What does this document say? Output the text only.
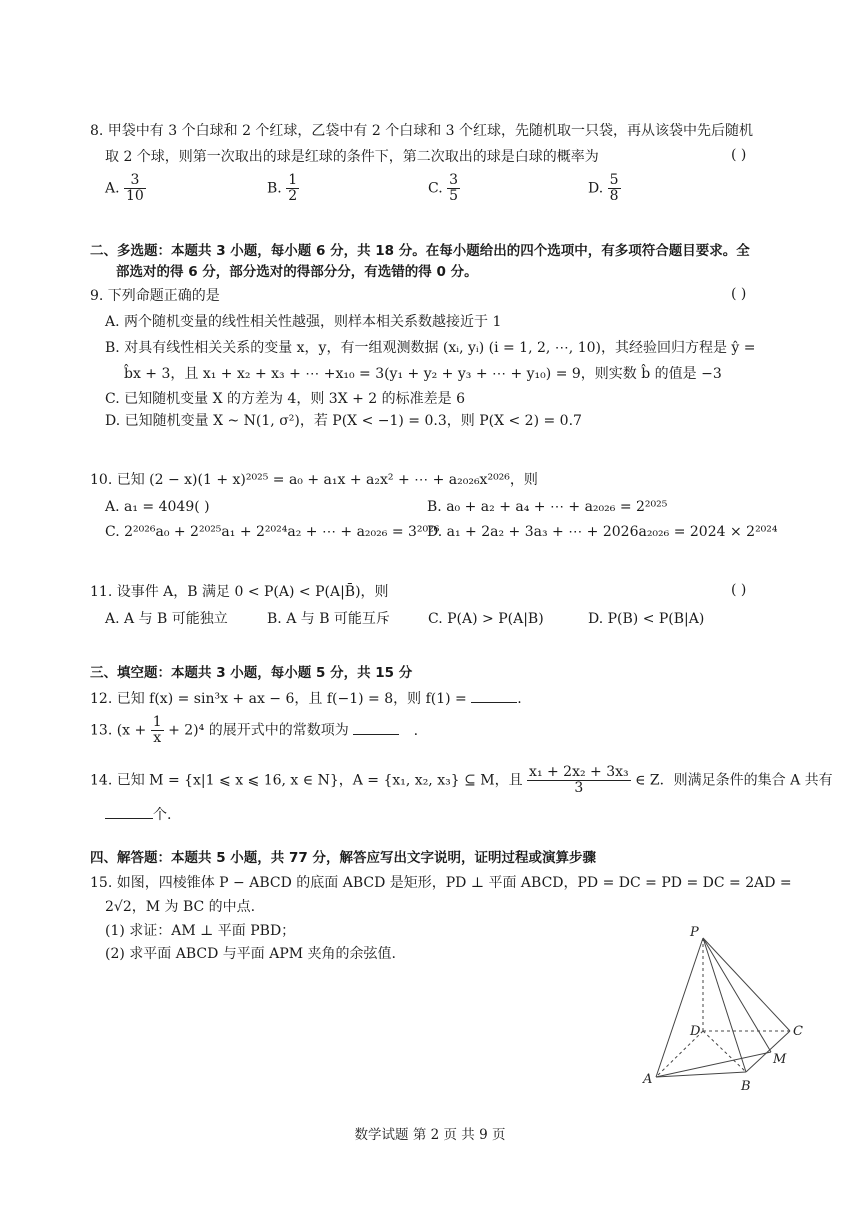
8. 甲袋中有 3 个白球和 2 个红球，乙袋中有 2 个白球和 3 个红球，先随机取一只袋，再从该袋中先后随机
取 2 个球，则第一次取出的球是红球的条件下，第二次取出的球是白球的概率为	( )
A. $\frac{3}{10}$	B. $\frac{1}{2}$	C. $\frac{3}{5}$	D. $\frac{5}{8}$
二、多选题：本题共 3 小题，每小题 6 分，共 18 分。在每小题给出的四个选项中，有多项符合题目要求。全
部选对的得 6 分，部分选对的得部分分，有选错的得 0 分。
9. 下列命题正确的是	( )
A. 两个随机变量的线性相关性越强，则样本相关系数越接近于 1
B. 对具有线性相关关系的变量 x，y，有一组观测数据 (xᵢ, yᵢ) (i = 1, 2, ⋯, 10)，其经验回归方程是 ŷ =
b̂x + 3，且 x₁ + x₂ + x₃ + ⋯ +x₁₀ = 3(y₁ + y₂ + y₃ + ⋯ + y₁₀) = 9，则实数 b̂ 的值是 −3
C. 已知随机变量 X 的方差为 4，则 3X + 2 的标准差是 6
D. 已知随机变量 X ~ N(1, σ²)，若 P(X < −1) = 0.3，则 P(X < 2) = 0.7
10. 已知 (2 − x)(1 + x)²⁰²⁵ = a₀ + a₁x + a₂x² + ⋯ + a₂₀₂₆x²⁰²⁶，则
A. a₁ = 4049( )	B. a₀ + a₂ + a₄ + ⋯ + a₂₀₂₆ = 2²⁰²⁵
C. 2²⁰²⁶a₀ + 2²⁰²⁵a₁ + 2²⁰²⁴a₂ + ⋯ + a₂₀₂₆ = 3²⁰²⁶
D. a₁ + 2a₂ + 3a₃ + ⋯ + 2026a₂₀₂₆ = 2024 × 2²⁰²⁴
11. 设事件 A，B 满足 0 < P(A) < P(A|B̄)，则	( )
A. A 与 B 可能独立	B. A 与 B 可能互斥	C. P(A) > P(A|B)	D. P(B) < P(B|A)
三、填空题：本题共 3 小题，每小题 5 分，共 15 分
12. 已知 f(x) = sin³x + ax − 6，且 f(−1) = 8，则 f(1) =	.
13. $(x + \frac{1}{x} + 2)^4$ 的展开式中的常数项为	.
14. 已知 M = {x|1 ⩽ x ⩽ 16, x ∈ N}，A = {x₁, x₂, x₃} ⊆ M，且 $\frac{\text{x₁ + 2x₂ + 3x₃}}{3}$ ∈ Z．则满足条件的集合 A 共有
个.
四、解答题：本题共 5 小题，共 77 分，解答应写出文字说明，证明过程或演算步骤
15. 如图，四棱锥体 P − ABCD 的底面 ABCD 是矩形，PD ⊥ 平面 ABCD，PD = DC = PD = DC = 2AD =
2√2，M 为 BC 的中点.
(1) 求证：AM ⊥ 平面 PBD；
(2) 求平面 ABCD 与平面 APM 夹角的余弦值.
P
D	C
M
A	B
数学试题 第 2 页 共 9 页
